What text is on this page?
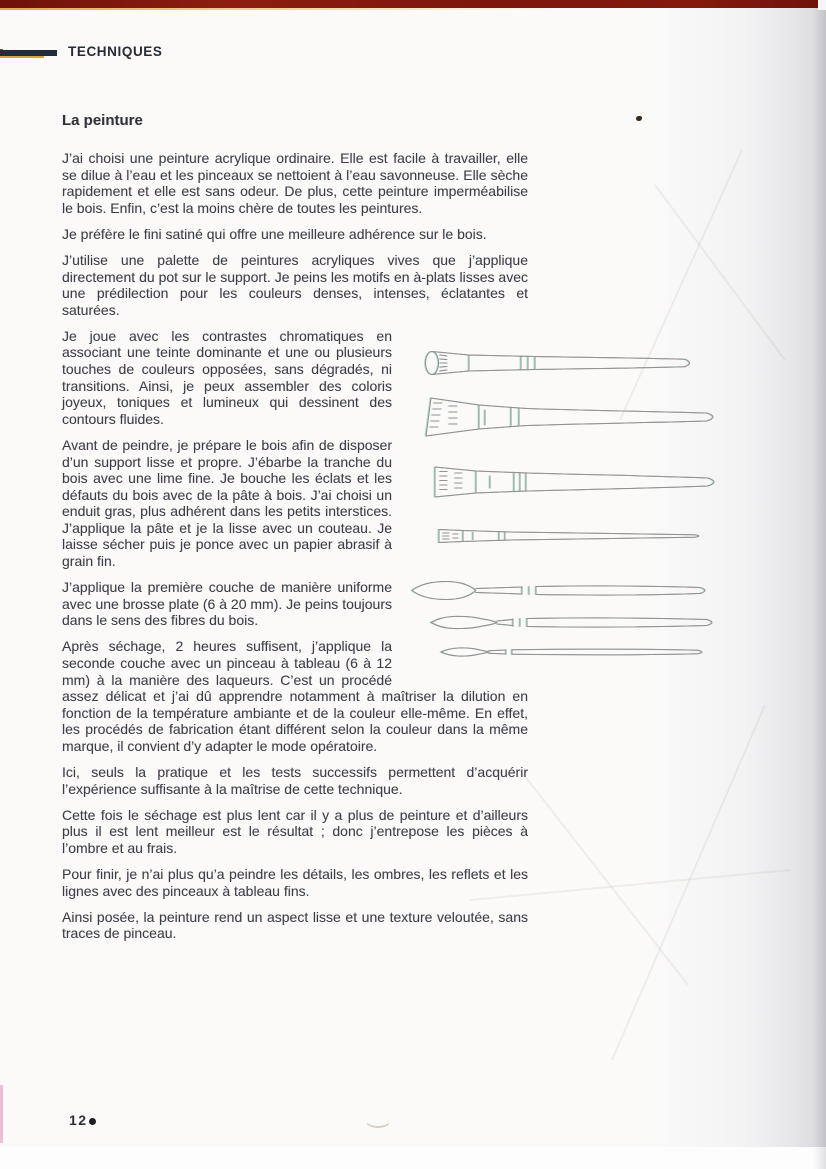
TECHNIQUES
La peinture

J’ai choisi une peinture acrylique ordinaire. Elle est facile à travailler, elle se dilue à l’eau et les pinceaux se nettoient à l’eau savonneuse. Elle sèche rapidement et elle est sans odeur. De plus, cette peinture imperméabilise le bois. Enfin, c’est la moins chère de toutes les peintures.

Je préfère le fini satiné qui offre une meilleure adhérence sur le bois.

J’utilise une palette de peintures acryliques vives que j’applique directement du pot sur le support. Je peins les motifs en à-plats lisses avec une prédilection pour les couleurs denses, intenses, éclatantes et saturées.

Je joue avec les contrastes chromatiques en associant une teinte dominante et une ou plusieurs touches de couleurs opposées, sans dégradés, ni transitions. Ainsi, je peux assembler des coloris joyeux, toniques et lumineux qui dessinent des contours fluides.

Avant de peindre, je prépare le bois afin de disposer d’un support lisse et propre. J’ébarbe la tranche du bois avec une lime fine. Je bouche les éclats et les défauts du bois avec de la pâte à bois. J’ai choisi un enduit gras, plus adhérent dans les petits interstices. J’applique la pâte et je la lisse avec un couteau. Je laisse sécher puis je ponce avec un papier abrasif à grain fin.

J’applique la première couche de manière uniforme avec une brosse plate (6 à 20 mm). Je peins toujours dans le sens des fibres du bois.

Après séchage, 2 heures suffisent, j’applique la seconde couche avec un pinceau à tableau (6 à 12 mm) à la manière des laqueurs. C’est un procédé assez délicat et j’ai dû apprendre notamment à maîtriser la dilution en fonction de la température ambiante et de la couleur elle-même. En effet, les procédés de fabrication étant différent selon la couleur dans la même marque, il convient d’y adapter le mode opératoire.

Ici, seuls la pratique et les tests successifs permettent d’acquérir l’expérience suffisante à la maîtrise de cette technique.

Cette fois le séchage est plus lent car il y a plus de peinture et d’ailleurs plus il est lent meilleur est le résultat ; donc j’entrepose les pièces à l’ombre et au frais.

Pour finir, je n’ai plus qu’a peindre les détails, les ombres, les reflets et les lignes avec des pinceaux à tableau fins.

Ainsi posée, la peinture rend un aspect lisse et une texture veloutée, sans traces de pinceau.

12
